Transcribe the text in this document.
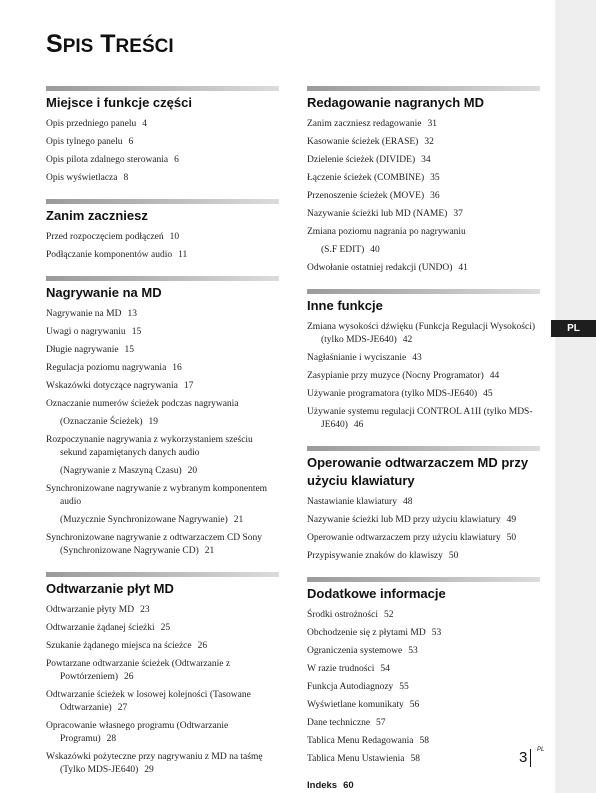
PL
SPIS TREŚCI
Miejsce i funkcje części
Opis przedniego panelu 4
Opis tylnego panelu 6
Opis pilota zdalnego sterowania 6
Opis wyświetlacza 8
Zanim zaczniesz
Przed rozpoczęciem podłączeń 10
Podłączanie komponentów audio 11
Nagrywanie na MD
Nagrywanie na MD 13
Uwagi o nagrywaniu 15
Długie nagrywanie 15
Regulacja poziomu nagrywania 16
Wskazówki dotyczące nagrywania 17
Oznaczanie numerów ścieżek podczas nagrywania
(Oznaczanie Ścieżek) 19
Rozpoczynanie nagrywania z wykorzystaniem sześciu sekund zapamiętanych danych audio
(Nagrywanie z Maszyną Czasu) 20
Synchronizowane nagrywanie z wybranym komponentem audio
(Muzycznie Synchronizowane Nagrywanie) 21
Synchronizowane nagrywanie z odtwarzaczem CD Sony (Synchronizowane Nagrywanie CD) 21
Odtwarzanie płyt MD
Odtwarzanie płyty MD 23
Odtwarzanie żądanej ścieżki 25
Szukanie żądanego miejsca na ścieżce 26
Powtarzane odtwarzanie ścieżek (Odtwarzanie z Powtórzeniem) 26
Odtwarzanie ścieżek w losowej kolejności (Tasowane Odtwarzanie) 27
Opracowanie własnego programu (Odtwarzanie Programu) 28
Wskazówki pożyteczne przy nagrywaniu z MD na taśmę (Tylko MDS-JE640) 29
Redagowanie nagranych MD
Zanim zaczniesz redagowanie 31
Kasowanie ścieżek (ERASE) 32
Dzielenie ścieżek (DIVIDE) 34
Łączenie ścieżek (COMBINE) 35
Przenoszenie ścieżek (MOVE) 36
Nazywanie ścieżki lub MD (NAME) 37
Zmiana poziomu nagrania po nagrywaniu
(S.F EDIT) 40
Odwołanie ostatniej redakcji (UNDO) 41
Inne funkcje
Zmiana wysokości dźwięku (Funkcja Regulacji Wysokości) (tylko MDS-JE640) 42
Nagłaśnianie i wyciszanie 43
Zasypianie przy muzyce (Nocny Programator) 44
Używanie programatora (tylko MDS-JE640) 45
Używanie systemu regulacji CONTROL A1II (tylko MDS-JE640) 46
Operowanie odtwarzaczem MD przy użyciu klawiatury
Nastawianie klawiatury 48
Nazywanie ścieżki lub MD przy użyciu klawiatury 49
Operowanie odtwarzaczem przy użyciu klawiatury 50
Przypisywanie znaków do klawiszy 50
Dodatkowe informacje
Środki ostrożności 52
Obchodzenie się z płytami MD 53
Ograniczenia systemowe 53
W razie trudności 54
Funkcja Autodiagnozy 55
Wyświetlane komunikaty 56
Dane techniczne 57
Tablica Menu Redagowania 58
Tablica Menu Ustawienia 58
Indeks 60
3	PL
